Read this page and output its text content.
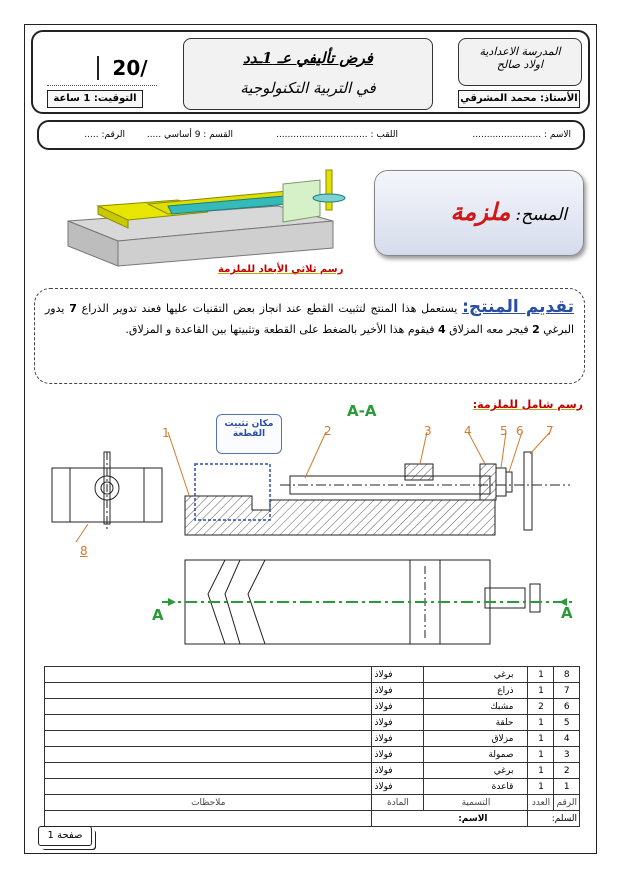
المدرسة الاعدادية
اولاد صالح
الأستاذ: محمد المشرقي
فرض تأليفي عـ 1ـدد
في التربية التكنولوجية
20/
التوقيت: 1 ساعة
الاسم : ........................
اللقب : ................................
القسم : 9 أساسي .....
الرقم: .....
رسم ثلاثي الأبعاد للملزمة
المسح: ملزمة
تقديم المنتج: يستعمل هذا المنتج لتثبيت القطع عند انجاز بعض التقنيات عليها فعند تدوير الذراع 7 يدور البرغي 2 فيجر معه المزلاق 4 فيقوم هذا الأخير بالضغط على القطعة وتثبيتها بين القاعدة و المزلاق.
رسم شامل للملزمة:
A-A
مكان تثبيت القطعة
A	A
1	2	3	4 5 6 7
8
8	1	برغي	فولاذ	
7	1	ذراع	فولاذ	
6	2	مشبك	فولاذ	
5	1	حلقة	فولاذ	
4	1	مزلاق	فولاذ	
3	1	صمولة	فولاذ	
2	1	برغي	فولاذ	
1	1	قاعدة	فولاذ	
الرقم	العدد	التسمية	المادة	ملاحظات
السلم:		الاسم:		
صفحة 1
